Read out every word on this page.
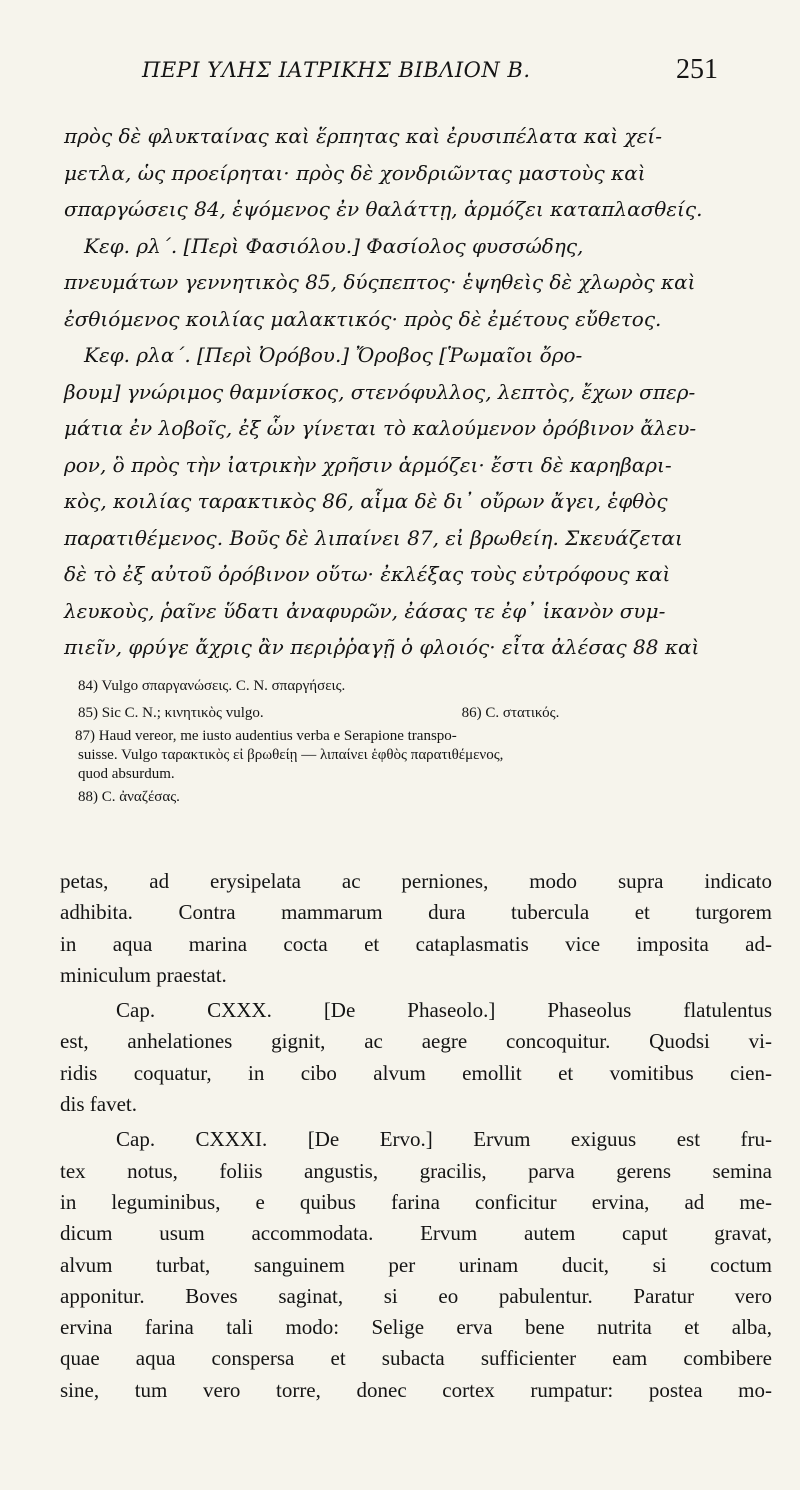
ΠΕΡΙ ΥΛΗΣ ΙΑΤΡΙΚΗΣ ΒΙΒΛΙΟΝ Β.	251
πρὸς δὲ φλυκταίνας καὶ ἕρπητας καὶ ἐρυσιπέλατα καὶ χεί-
μετλα, ὡς προείρηται· πρὸς δὲ χονδριῶντας μαστοὺς καὶ
σπαργώσεις 84, ἑψόμενος ἐν θαλάττῃ, ἁρμόζει καταπλασθείς.
Κεφ. ρλ΄. [Περὶ Φασιόλου.] Φασίολος φυσσώδης,
πνευμάτων γεννητικὸς 85, δύςπεπτος· ἑψηθεὶς δὲ χλωρὸς καὶ
ἐσθιόμενος κοιλίας μαλακτικός· πρὸς δὲ ἐμέτους εὔθετος.
Κεφ. ρλα΄. [Περὶ Ὀρόβου.] Ὄροβος [Ῥωμαῖοι ὄρο-
βουμ] γνώριμος θαμνίσκος, στενόφυλλος, λεπτὸς, ἔχων σπερ-
μάτια ἐν λοβοῖς, ἐξ ὧν γίνεται τὸ καλούμενον ὀρόβινον ἄλευ-
ρον, ὃ πρὸς τὴν ἰατρικὴν χρῆσιν ἁρμόζει· ἔστι δὲ καρηβαρι-
κὸς, κοιλίας ταρακτικὸς 86, αἷμα δὲ δι᾽ οὔρων ἄγει, ἑφθὸς
παρατιθέμενος. Βοῦς δὲ λιπαίνει 87, εἰ βρωθείη. Σκευάζεται
δὲ τὸ ἐξ αὐτοῦ ὀρόβινον οὕτω· ἐκλέξας τοὺς εὐτρόφους καὶ
λευκοὺς, ῥαῖνε ὕδατι ἀναφυρῶν, ἐάσας τε ἐφ᾽ ἱκανὸν συμ-
πιεῖν, φρύγε ἄχρις ἂν περιῤῥαγῇ ὁ φλοιός· εἶτα ἀλέσας 88 καὶ
84) Vulgo σπαργανώσεις. C. N. σπαργήσεις.
85) Sic C. N.; κινητικὸς vulgo.	86) C. στατικός.
87) Haud vereor, me iusto audentius verba e Serapione transpo-
suisse. Vulgo ταρακτικὸς εἰ βρωθείῃ — λιπαίνει ἑφθὸς παρατιθέμενος,
quod absurdum.
88) C. ἀναζέσας.
petas, ad erysipelata ac perniones, modo supra indicato
adhibita. Contra mammarum dura tubercula et turgorem
in aqua marina cocta et cataplasmatis vice imposita ad-
miniculum praestat.
Cap. CXXX. [De Phaseolo.] Phaseolus flatulentus
est, anhelationes gignit, ac aegre concoquitur. Quodsi vi-
ridis coquatur, in cibo alvum emollit et vomitibus cien-
dis favet.
Cap. CXXXI. [De Ervo.] Ervum exiguus est fru-
tex notus, foliis angustis, gracilis, parva gerens semina
in leguminibus, e quibus farina conficitur ervina, ad me-
dicum usum accommodata. Ervum autem caput gravat,
alvum turbat, sanguinem per urinam ducit, si coctum
apponitur. Boves saginat, si eo pabulentur. Paratur vero
ervina farina tali modo: Selige erva bene nutrita et alba,
quae aqua conspersa et subacta sufficienter eam combibere
sine, tum vero torre, donec cortex rumpatur: postea mo-
